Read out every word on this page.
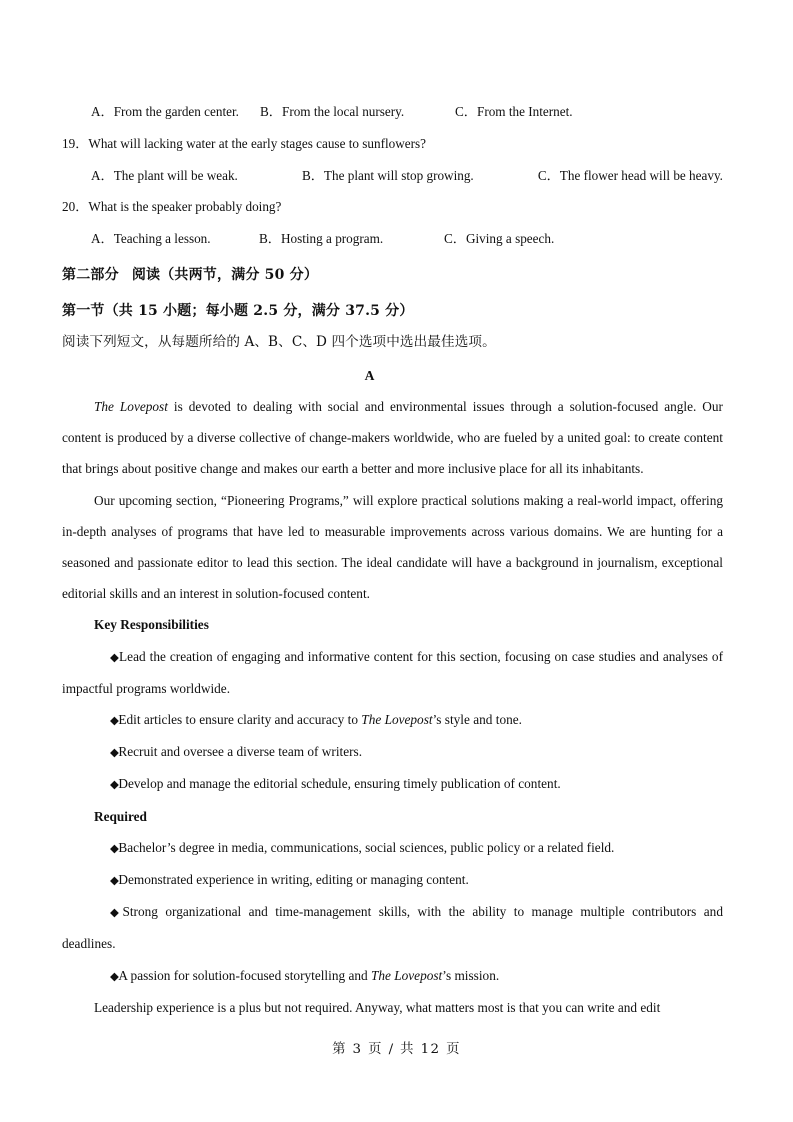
A．From the garden center.	B．From the local nursery.	C．From the Internet.
19．What will lacking water at the early stages cause to sunflowers?
A．The plant will be weak.	B．The plant will stop growing.	C．The flower head will be heavy.
20．What is the speaker probably doing?
A．Teaching a lesson.	B．Hosting a program.	C．Giving a speech.
第二部分 阅读（共两节，满分 50 分）
第一节（共 15 小题；每小题 2.5 分，满分 37.5 分）
阅读下列短文，从每题所给的 A、B、C、D 四个选项中选出最佳选项。
A

The Lovepost is devoted to dealing with social and environmental issues through a solution-focused angle. Our content is produced by a diverse collective of change-makers worldwide, who are fueled by a united goal: to create content that brings about positive change and makes our earth a better and more inclusive place for all its inhabitants.

Our upcoming section, “Pioneering Programs,” will explore practical solutions making a real-world impact, offering in-depth analyses of programs that have led to measurable improvements across various domains. We are hunting for a seasoned and passionate editor to lead this section. The ideal candidate will have a background in journalism, exceptional editorial skills and an interest in solution-focused content.

Key Responsibilities

◆Lead the creation of engaging and informative content for this section, focusing on case studies and analyses of impactful programs worldwide.

◆Edit articles to ensure clarity and accuracy to The Lovepost’s style and tone.

◆Recruit and oversee a diverse team of writers.

◆Develop and manage the editorial schedule, ensuring timely publication of content.

Required

◆Bachelor’s degree in media, communications, social sciences, public policy or a related field.

◆Demonstrated experience in writing, editing or managing content.

◆Strong organizational and time-management skills, with the ability to manage multiple contributors and deadlines.

◆A passion for solution-focused storytelling and The Lovepost’s mission.

Leadership experience is a plus but not required. Anyway, what matters most is that you can write and edit

第 3 页 / 共 12 页
